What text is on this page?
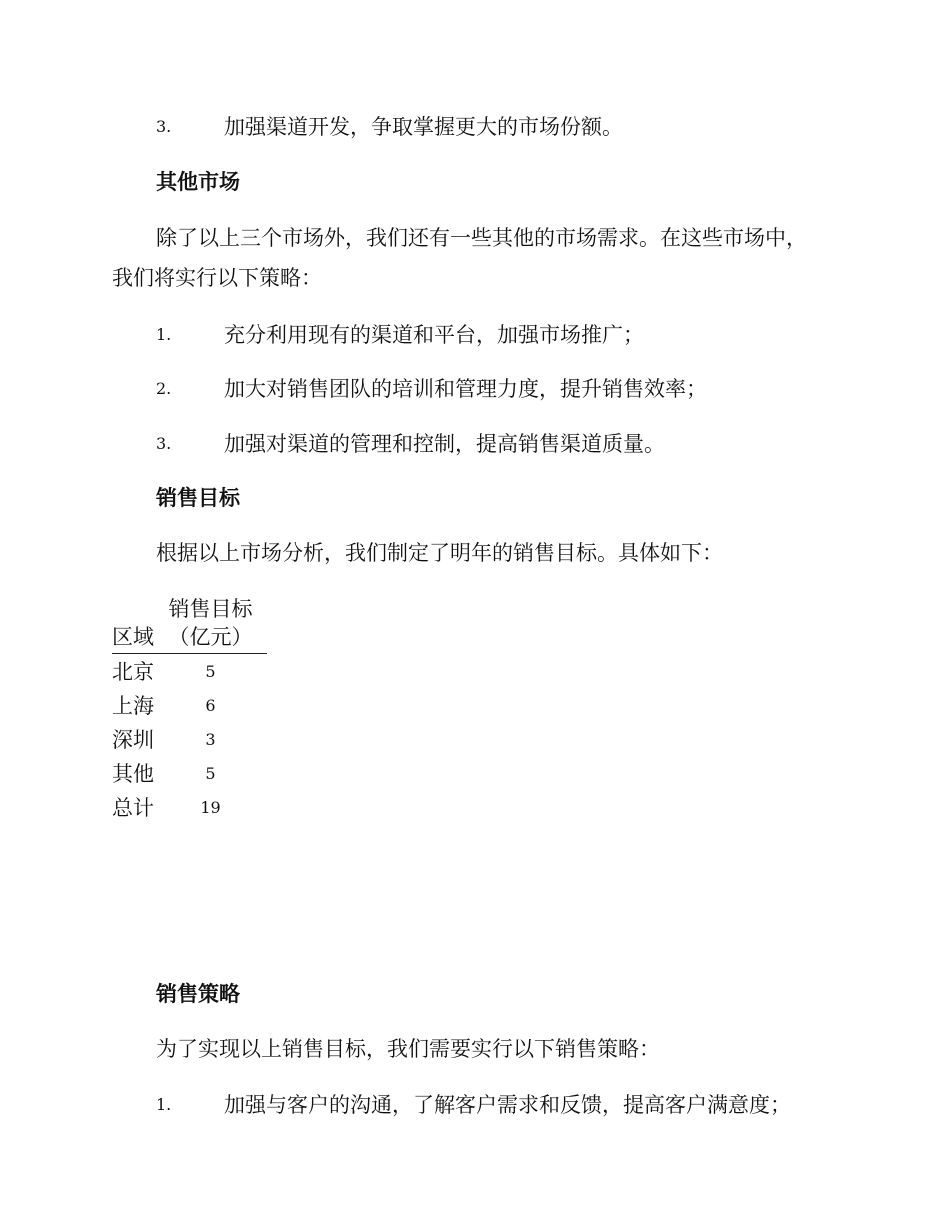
3.	加强渠道开发，争取掌握更大的市场份额。

其他市场

除了以上三个市场外，我们还有一些其他的市场需求。在这些市场中，

我们将实行以下策略：

1.	充分利用现有的渠道和平台，加强市场推广；

2.	加大对销售团队的培训和管理力度，提升销售效率；

3.	加强对渠道的管理和控制，提高销售渠道质量。

销售目标

根据以上市场分析，我们制定了明年的销售目标。具体如下：

区域	销售目标
（亿元）

北京	5
上海	6
深圳	3
其他	5
总计	19

销售策略

为了实现以上销售目标，我们需要实行以下销售策略：

1.	加强与客户的沟通，了解客户需求和反馈，提高客户满意度；
